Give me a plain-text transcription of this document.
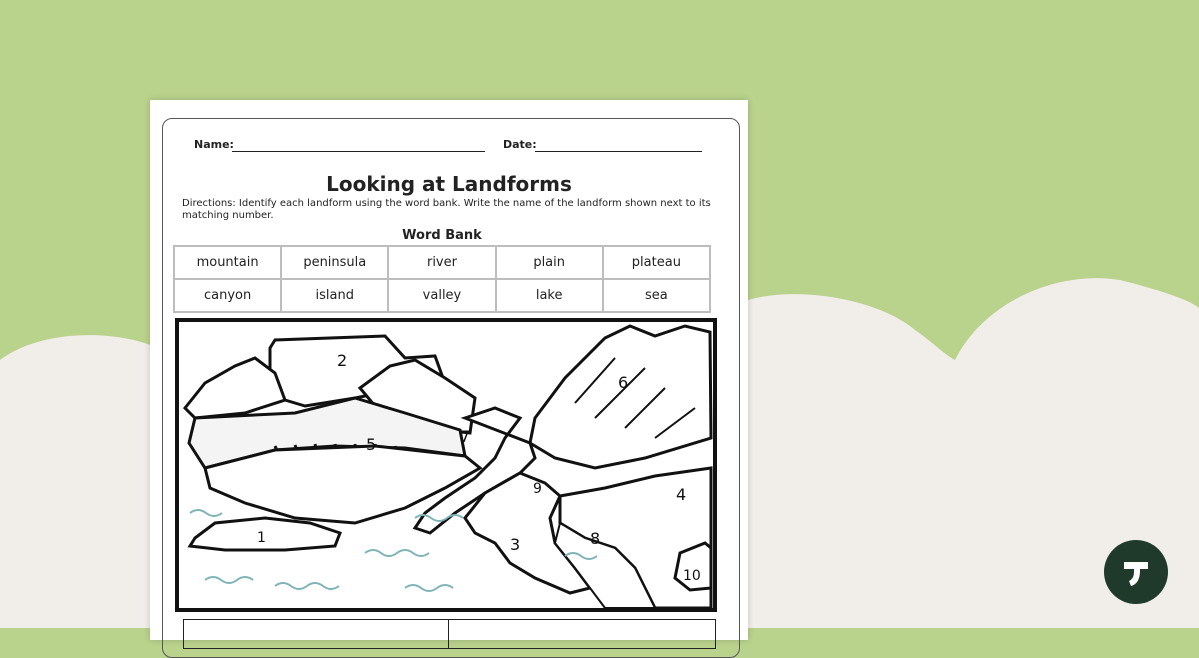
Name:	Date:
Looking at Landforms
Directions: Identify each landform using the word bank. Write the name of the landform shown next to its matching number.
Word Bank
mountain	peninsula	river	plain	plateau
canyon	island	valley	lake	sea
1
2
3
4
5
6
7
8
9
10
